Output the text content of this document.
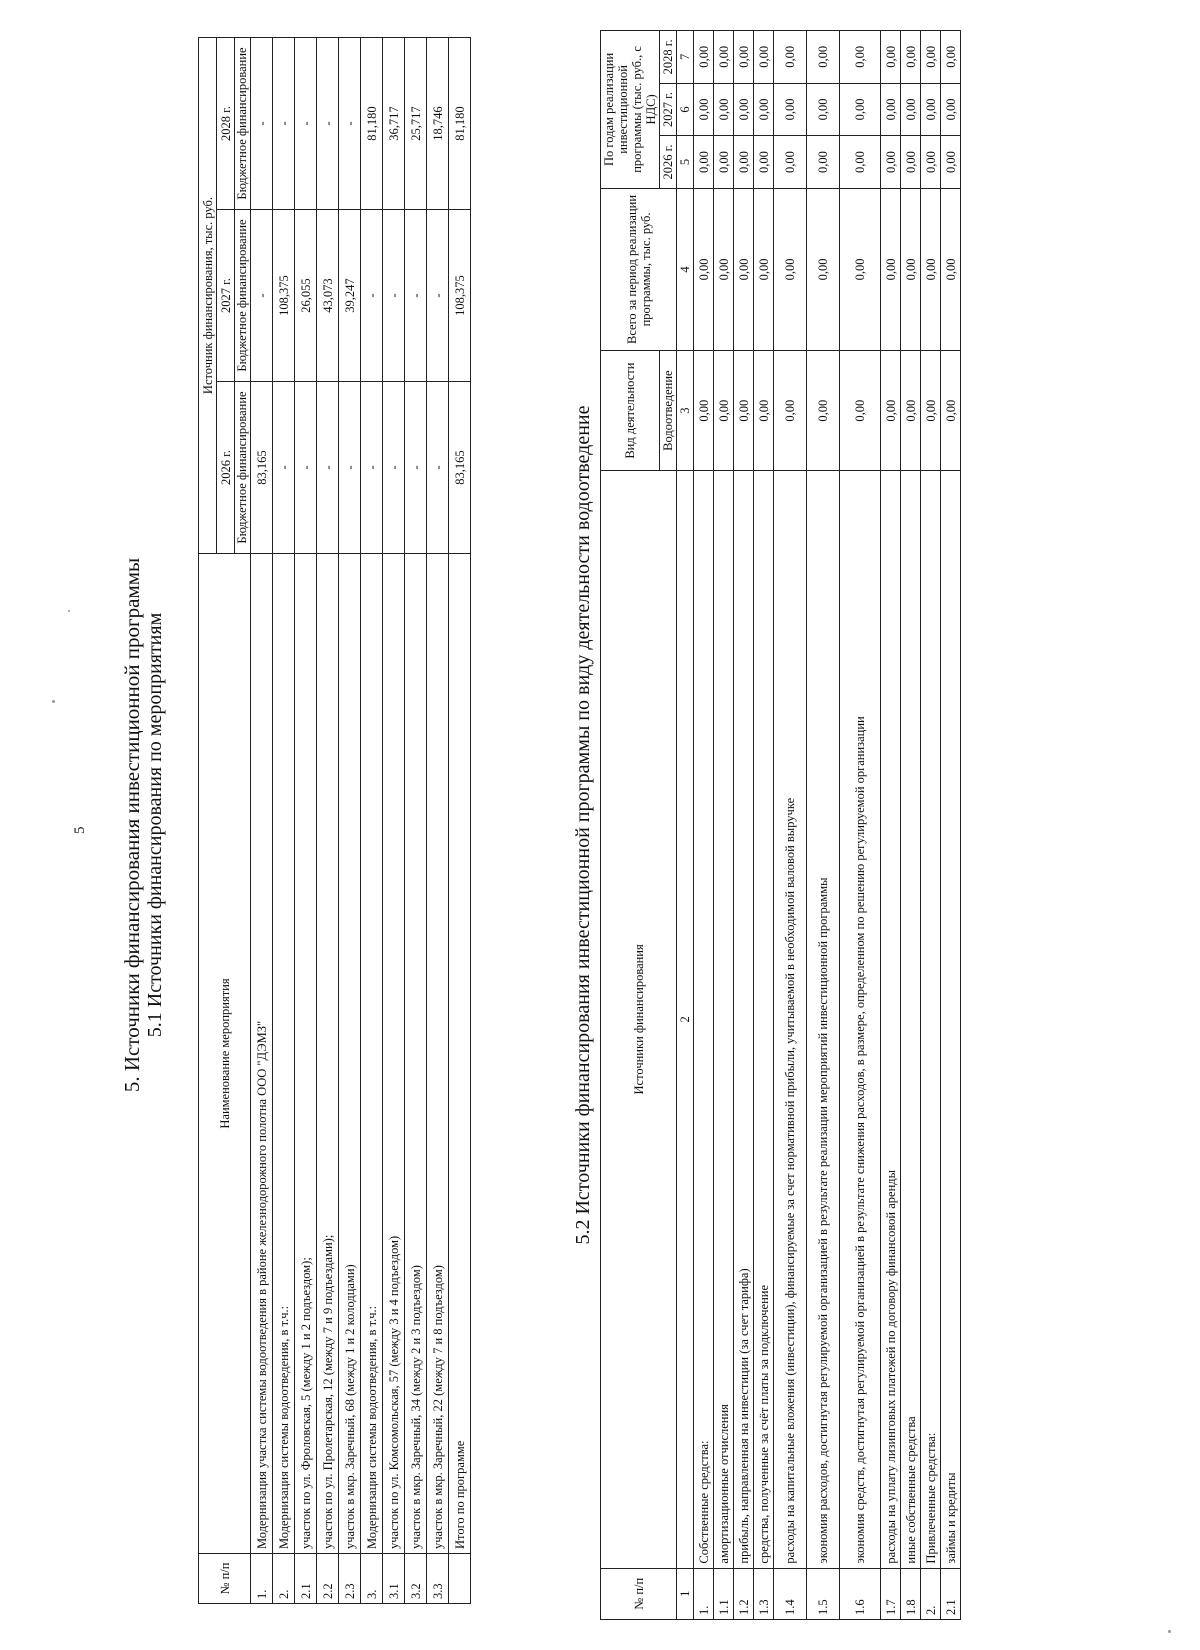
5 5. Источники финансирования инвестиционной программы 5.1 Источники финансирования по мероприятиям
№ п/п	Наименование мероприятия	Источник финансирования, тыс. руб.		
		2026 г.	2027 г.	2028 г.
		Бюджетное финансирование	Бюджетное финансирование	Бюджетное финансирование
1.	Модернизация участка системы водоотведения в районе железнодорожного полотна ООО "ДЭМЗ"	83,165	-	-
2.	Модернизация системы водоотведения, в т.ч.:	-	108,375	-
2.1	участок по ул. Фроловская, 5 (между 1 и 2 подъездом);	-	26,055	-
2.2	участок по ул. Пролетарская, 12 (между 7 и 9 подъездами);	-	43,073	-
2.3	участок в мкр. Заречный, 68 (между 1 и 2 колодцами)	-	39,247	-
3.	Модернизация системы водоотведения, в т.ч.:	-	-	81,180
3.1	участок по ул. Комсомольская, 57 (между 3 и 4 подъездом)	-	-	36,717
3.2	участок в мкр. Заречный, 34 (между 2 и 3 подъездом)	-	-	25,717
3.3	участок в мкр. Заречный, 22 (между 7 и 8 подъездом)	-	-	18,746
	Итого по программе	83,165	108,375	81,180
5.2 Источники финансирования инвестиционной программы по виду деятельности водоотведение
№ п/п	Источники финансирования	Вид деятельности	Всего за период реализации программы, тыс. руб.	По годам реализации инвестиционной программы (тыс. руб., с НДС)		
				2026 г.	2027 г.	2028 г.
		Водоотведение				
1	2	3	4	5	6	7
1.	Собственные средства:	0,00	0,00	0,00	0,00	0,00
1.1	амортизационные отчисления	0,00	0,00	0,00	0,00	0,00
1.2	прибыль, направленная на инвестиции (за счет тарифа)	0,00	0,00	0,00	0,00	0,00
1.3	средства, полученные за счёт платы за подключение	0,00	0,00	0,00	0,00	0,00
1.4	расходы на капитальные вложения (инвестиции), финансируемые за счет нормативной прибыли, учитываемой в необходимой валовой выручке	0,00	0,00	0,00	0,00	0,00
1.5	экономия расходов, достигнутая регулируемой организацией в результате реализации мероприятий инвестиционной программы	0,00	0,00	0,00	0,00	0,00
1.6	экономия средств, достигнутая регулируемой организацией в результате снижения расходов, в размере, определенном по решению регулируемой организации	0,00	0,00	0,00	0,00	0,00
1.7	расходы на уплату лизинговых платежей по договору финансовой аренды	0,00	0,00	0,00	0,00	0,00
1.8	иные собственные средства	0,00	0,00	0,00	0,00	0,00
2.	Привлеченные средства:	0,00	0,00	0,00	0,00	0,00
2.1	займы и кредиты	0,00	0,00	0,00	0,00	0,00
